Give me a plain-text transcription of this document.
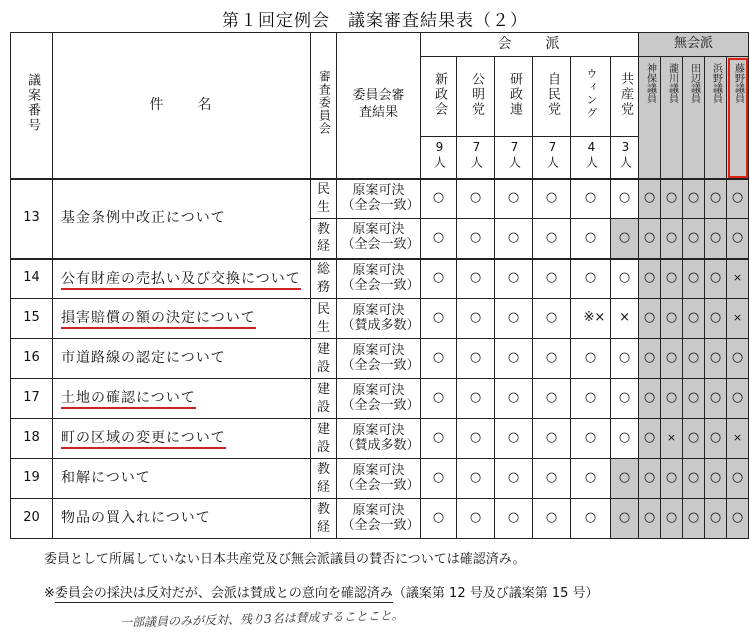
第１回定例会　議案審査結果表（２）
議案番号	件　　名	審査委員会	委員会審査結果	会　　派						無会派				
				新政会	公明党	研政連	自民党	ウィング	共産党	神保議員	瀧川議員	田辺議員	浜野議員	藤野議員
				9人	7人	7人	7人	4人	3人					
13	基金条例中改正について	民生	原案可決（全会一致）	○	○	○	○	○	○	○	○	○	○	○
		教経	原案可決（全会一致）	○	○	○	○	○	○	○	○	○	○	○
14	公有財産の売払い及び交換について	総務	原案可決（全会一致）	○	○	○	○	○	○	○	○	○	○	×
15	損害賠償の額の決定について	民生	原案可決（賛成多数）	○	○	○	○	※×	×	○	○	○	○	×
16	市道路線の認定について	建設	原案可決（全会一致）	○	○	○	○	○	○	○	○	○	○	○
17	土地の確認について	建設	原案可決（全会一致）	○	○	○	○	○	○	○	○	○	○	○
18	町の区域の変更について	建設	原案可決（賛成多数）	○	○	○	○	○	○	○	×	○	○	×
19	和解について	教経	原案可決（全会一致）	○	○	○	○	○	○	○	○	○	○	○
20	物品の買入れについて	教経	原案可決（全会一致）	○	○	○	○	○	○	○	○	○	○	○
委員として所属していない日本共産党及び無会派議員の賛否については確認済み。
※委員会の採決は反対だが、会派は賛成との意向を確認済み（議案第 12 号及び議案第 15 号）
一部議員のみが反対、残り3名は賛成することこと。
